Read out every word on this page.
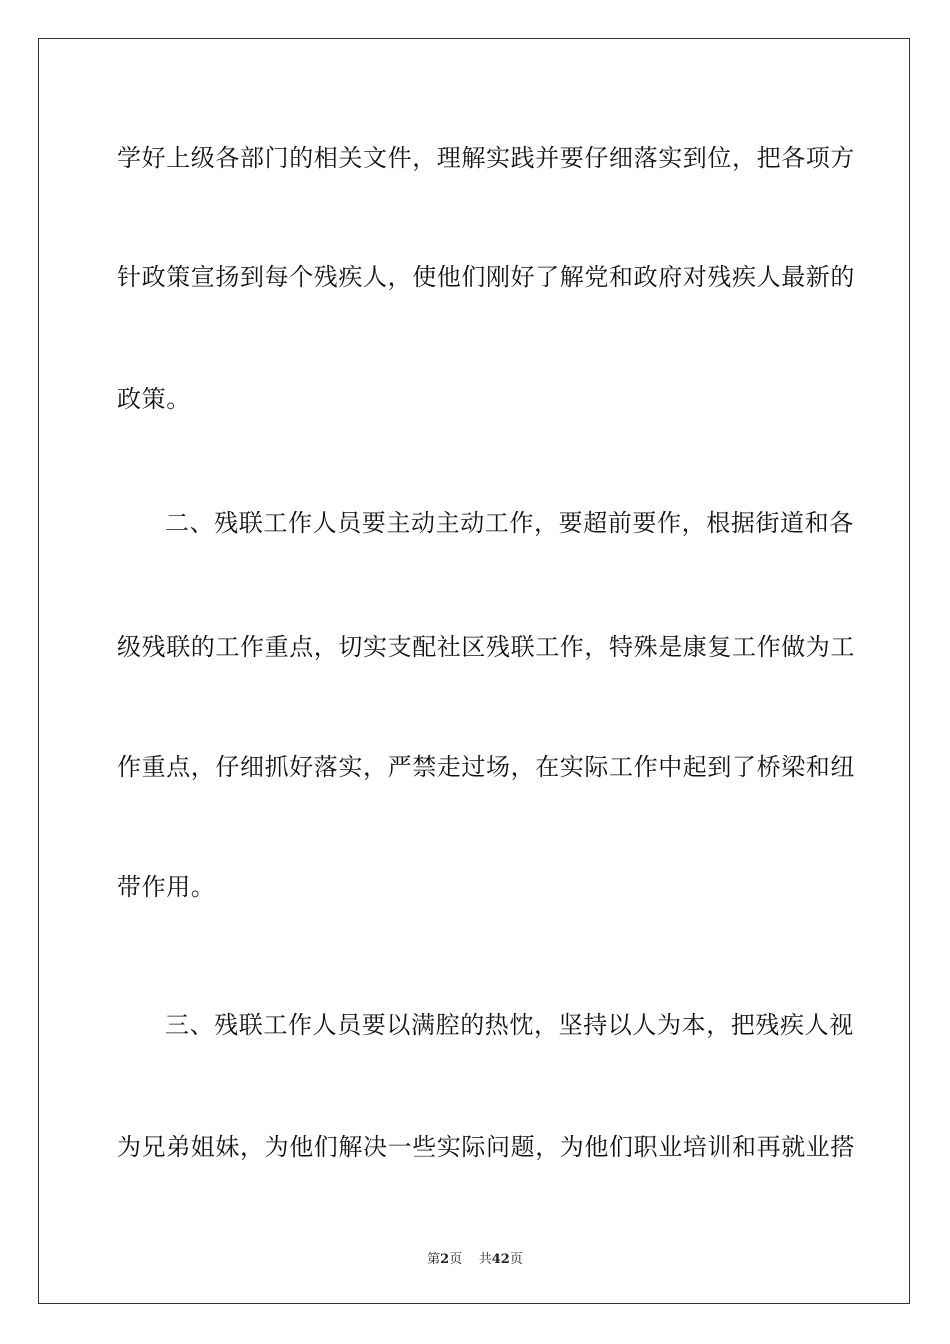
学好上级各部门的相关文件，理解实践并要仔细落实到位，把各项方
针政策宣扬到每个残疾人，使他们刚好了解党和政府对残疾人最新的
政策。
二、残联工作人员要主动主动工作，要超前要作，根据街道和各
级残联的工作重点，切实支配社区残联工作，特殊是康复工作做为工
作重点，仔细抓好落实，严禁走过场，在实际工作中起到了桥梁和纽
带作用。
三、残联工作人员要以满腔的热忱，坚持以人为本，把残疾人视
为兄弟姐妹，为他们解决一些实际问题，为他们职业培训和再就业搭
第2页 共42页
